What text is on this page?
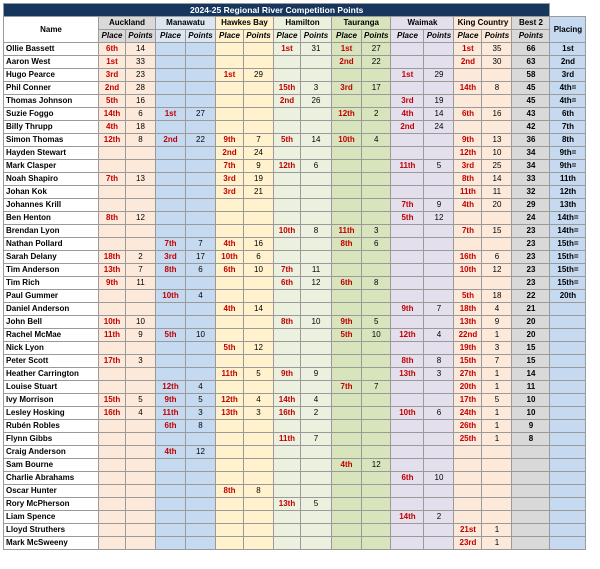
2024-25 Regional River Competition Points																
Name	Auckland		Manawatu		Hawkes Bay		Hamilton		Tauranga		Waimak		King Country		Best 2	Placing
	Place	Points	Place	Points	Place	Points	Place	Points	Place	Points	Place	Points	Place	Points	Points	
Ollie Bassett	6th	14					1st	31	1st	27			1st	35	66	1st
Aaron West	1st	33							2nd	22			2nd	30	63	2nd
Hugo Pearce	3rd	23			1st	29					1st	29			58	3rd
Phil Conner	2nd	28					15th	3	3rd	17			14th	8	45	4th=
Thomas Johnson	5th	16					2nd	26			3rd	19			45	4th=
Suzie Foggo	14th	6	1st	27					12th	2	4th	14	6th	16	43	6th
Billy Thrupp	4th	18									2nd	24			42	7th
Simon Thomas	12th	8	2nd	22	9th	7	5th	14	10th	4			9th	13	36	8th
Hayden Stewart					2nd	24							12th	10	34	9th=
Mark Clasper					7th	9	12th	6			11th	5	3rd	25	34	9th=
Noah Shapiro	7th	13			3rd	19							8th	14	33	11th
Johan Kok					3rd	21							11th	11	32	12th
Johannes Krill											7th	9	4th	20	29	13th
Ben Henton	8th	12									5th	12			24	14th=
Brendan Lyon							10th	8	11th	3			7th	15	23	14th=
Nathan Pollard			7th	7	4th	16			8th	6					23	15th=
Sarah Delany	18th	2	3rd	17	10th	6							16th	6	23	15th=
Tim Anderson	13th	7	8th	6	6th	10	7th	11					10th	12	23	15th=
Tim Rich	9th	11					6th	12	6th	8					23	15th=
Paul Gummer			10th	4									5th	18	22	20th
Daniel Anderson					4th	14					9th	7	18th	4	21	
John Bell	10th	10					8th	10	9th	5			13th	9	20	
Rachel McMae	11th	9	5th	10					5th	10	12th	4	22nd	1	20	
Nick Lyon					5th	12							19th	3	15	
Peter Scott	17th	3									8th	8	15th	7	15	
Heather Carrington					11th	5	9th	9			13th	3	27th	1	14	
Louise Stuart			12th	4					7th	7			20th	1	11	
Ivy Morrison	15th	5	9th	5	12th	4	14th	4					17th	5	10	
Lesley Hosking	16th	4	11th	3	13th	3	16th	2			10th	6	24th	1	10	
Rubén Robles			6th	8									26th	1	9	
Flynn Gibbs							11th	7					25th	1	8	
Craig Anderson			4th	12												
Sam Bourne									4th	12						
Charlie Abrahams											6th	10				
Oscar Hunter					8th	8										
Rory McPherson							13th	5								
Liam Spence											14th	2				
Lloyd Struthers													21st	1		
Mark McSweeny													23rd	1		
